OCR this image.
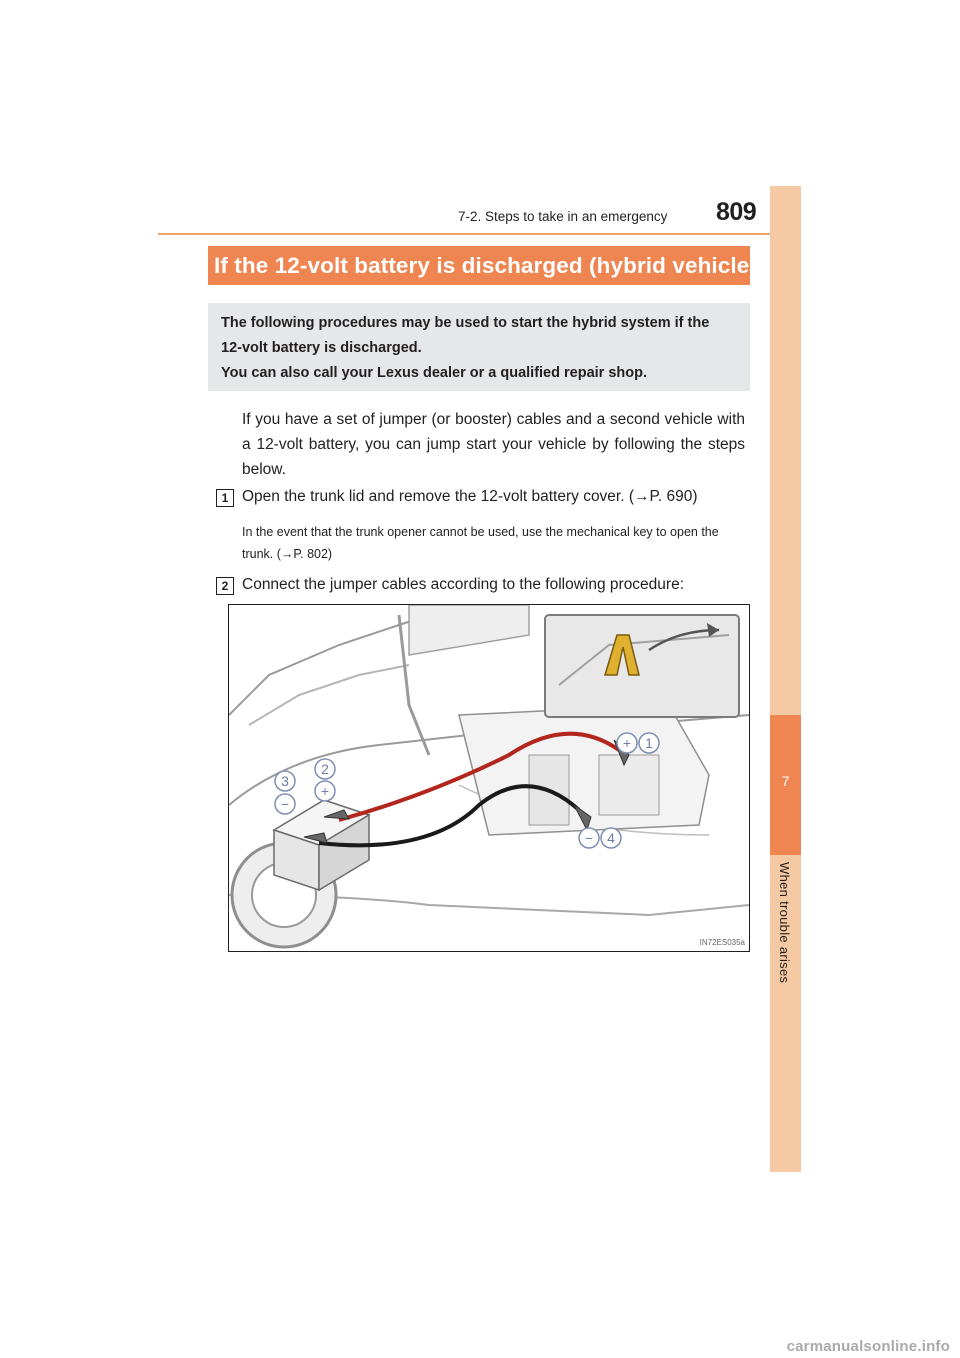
7-2. Steps to take in an emergency 809
7
When trouble arises
If the 12-volt battery is discharged (hybrid vehicles)
The following procedures may be used to start the hybrid system if the
12-volt battery is discharged.
You can also call your Lexus dealer or a qualified repair shop.
If you have a set of jumper (or booster) cables and a second vehicle with a 12-volt battery, you can jump start your vehicle by following the steps below.
1 Open the trunk lid and remove the 12-volt battery cover. (→P. 690)
In the event that the trunk opener cannot be used, use the mechanical key to open the trunk. (→P. 802)
2 Connect the jumper cables according to the following procedure:
+ 1
2
+
3
−
− 4
IN72ES035a
carmanualsonline.info
